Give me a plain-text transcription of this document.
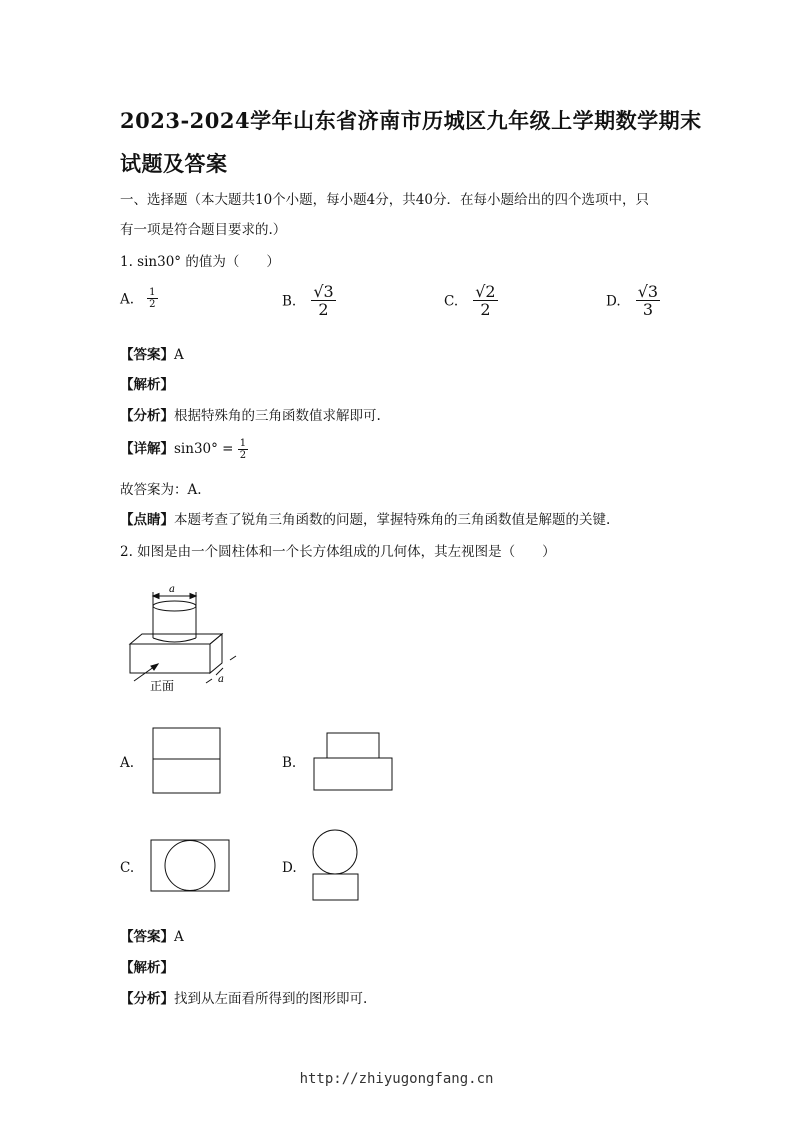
2023-2024学年山东省济南市历城区九年级上学期数学期末
试题及答案
一、选择题（本大题共10个小题，每小题4分，共40分．在每小题给出的四个选项中，只
有一项是符合题目要求的.）
1. sin30° 的值为（　　）
A. $\frac{1}{2}$	B. $\frac{√3}{2}$	C. $\frac{√2}{2}$	D. $\frac{√3}{3}$
【答案】A
【解析】
【分析】根据特殊角的三角函数值求解即可.
【详解】$\sin 30^\circ = \frac{1}{2}$
故答案为：A.
【点睛】本题考查了锐角三角函数的问题，掌握特殊角的三角函数值是解题的关键.
2. 如图是由一个圆柱体和一个长方体组成的几何体，其左视图是（　　）
a
a
正面
A.	B.
C.	D.
【答案】A
【解析】
【分析】找到从左面看所得到的图形即可.
http://zhiyugongfang.cn
